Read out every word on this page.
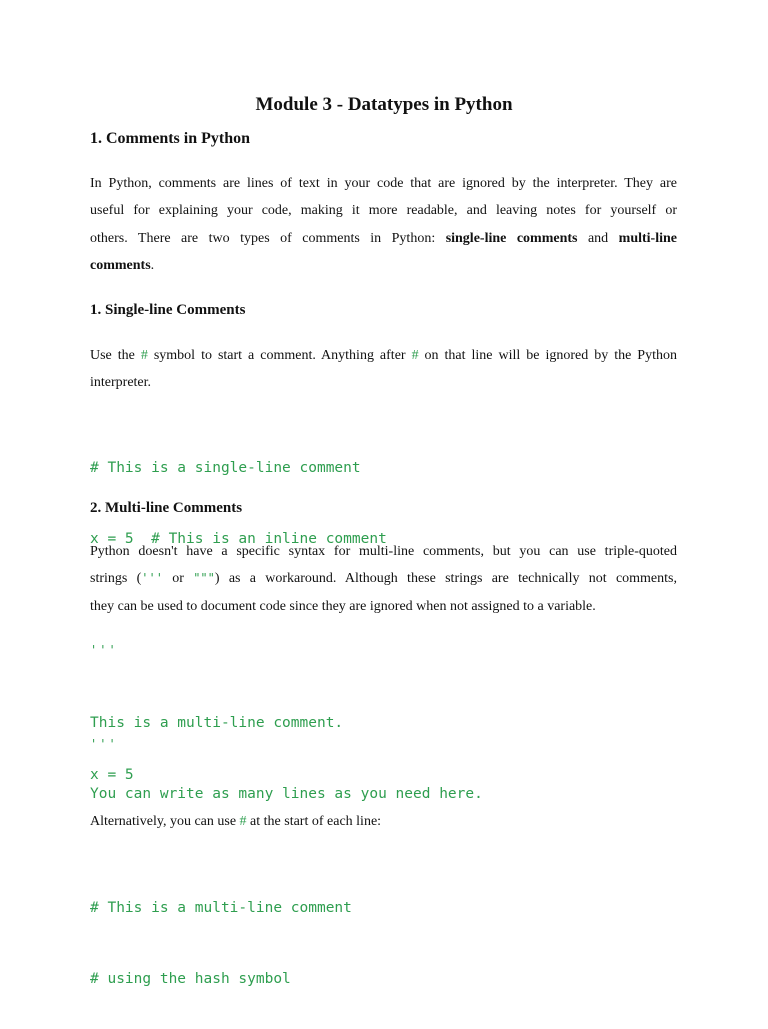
Module 3 - Datatypes in Python
1. Comments in Python
In Python, comments are lines of text in your code that are ignored by the interpreter. They are
useful for explaining your code, making it more readable, and leaving notes for yourself or
others. There are two types of comments in Python: single-line comments and multi-line
comments.
1. Single-line Comments
Use the # symbol to start a comment. Anything after # on that line will be ignored by the Python
interpreter.

# This is a single-line comment

x = 5  # This is an inline comment

2. Multi-line Comments
Python doesn't have a specific syntax for multi-line comments, but you can use triple-quoted
strings (''' or """) as a workaround. Although these strings are technically not comments,
they can be used to document code since they are ignored when not assigned to a variable.
'''

This is a multi-line comment.

You can write as many lines as you need here.

'''
x = 5
Alternatively, you can use # at the start of each line:

# This is a multi-line comment

# using the hash symbol
